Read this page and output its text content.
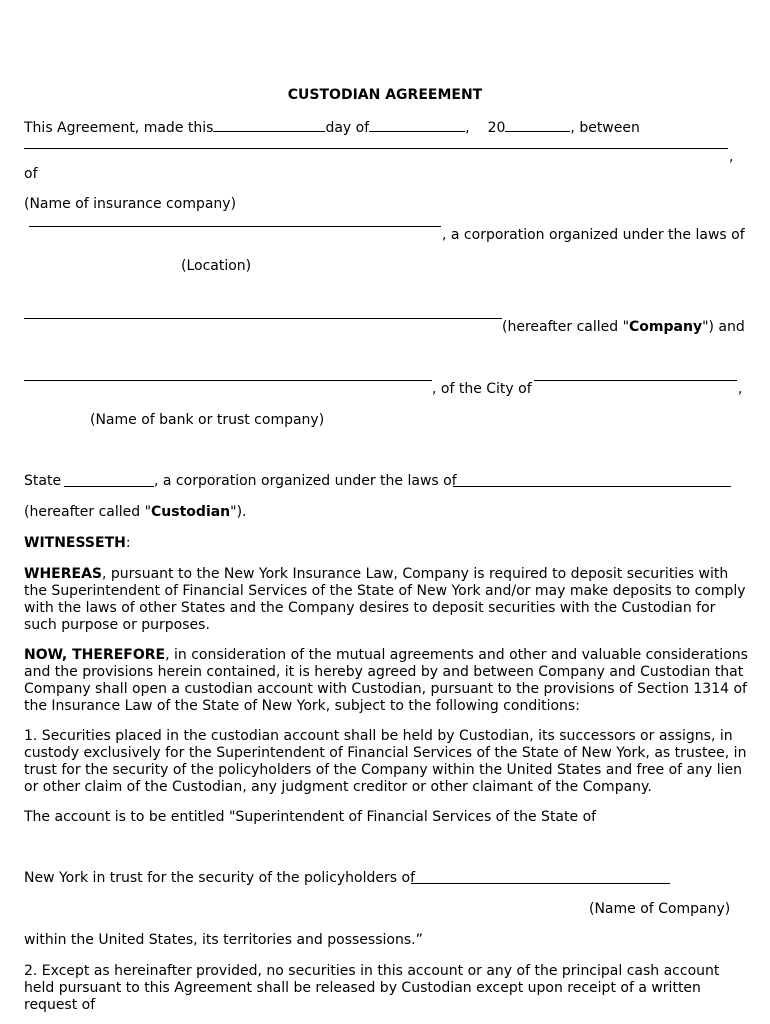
CUSTODIAN AGREEMENT
This Agreement, made this	day of	, 20	, between
,
of
(Name of insurance company)
, a corporation organized under the laws of
(Location)
(hereafter called "Company") and
, of the City of	,
(Name of bank or trust company)
State	, a corporation organized under the laws of
(hereafter called "Custodian").
WITNESSETH:
WHEREAS, pursuant to the New York Insurance Law, Company is required to deposit securities with the Superintendent of Financial Services of the State of New York and/or may make deposits to comply with the laws of other States and the Company desires to deposit securities with the Custodian for such purpose or purposes.
NOW, THEREFORE, in consideration of the mutual agreements and other and valuable considerations and the provisions herein contained, it is hereby agreed by and between Company and Custodian that Company shall open a custodian account with Custodian, pursuant to the provisions of Section 1314 of the Insurance Law of the State of New York, subject to the following conditions:
1. Securities placed in the custodian account shall be held by Custodian, its successors or assigns, in custody exclusively for the Superintendent of Financial Services of the State of New York, as trustee, in trust for the security of the policyholders of the Company within the United States and free of any lien or other claim of the Custodian, any judgment creditor or other claimant of the Company.
The account is to be entitled "Superintendent of Financial Services of the State of
New York in trust for the security of the policyholders of
(Name of Company)
within the United States, its territories and possessions.”
2. Except as hereinafter provided, no securities in this account or any of the principal cash account held pursuant to this Agreement shall be released by Custodian except upon receipt of a written request of
